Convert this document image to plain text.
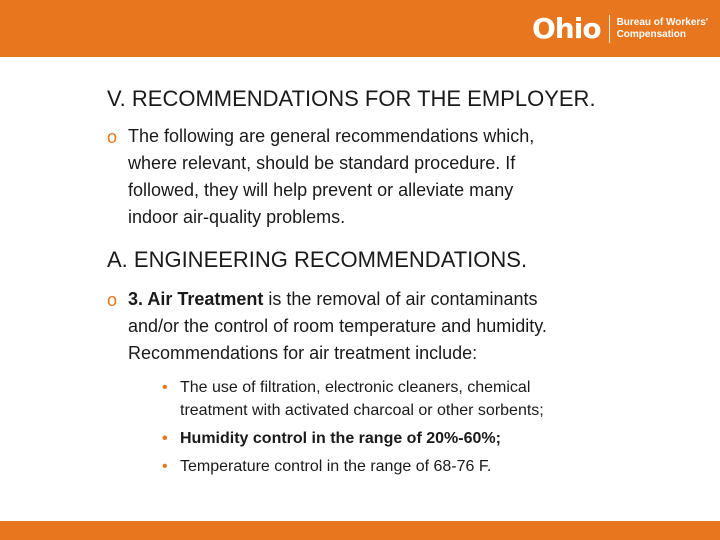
Ohio Bureau of Workers'
Compensation
V. RECOMMENDATIONS FOR THE EMPLOYER.
o The following are general recommendations which,
where relevant, should be standard procedure. If
followed, they will help prevent or alleviate many
indoor air-quality problems.
A. ENGINEERING RECOMMENDATIONS.
o 3. Air Treatment is the removal of air contaminants
and/or the control of room temperature and humidity.
Recommendations for air treatment include:
• The use of filtration, electronic cleaners, chemical
treatment with activated charcoal or other sorbents;
• Humidity control in the range of 20%-60%;
• Temperature control in the range of 68-76 F.
